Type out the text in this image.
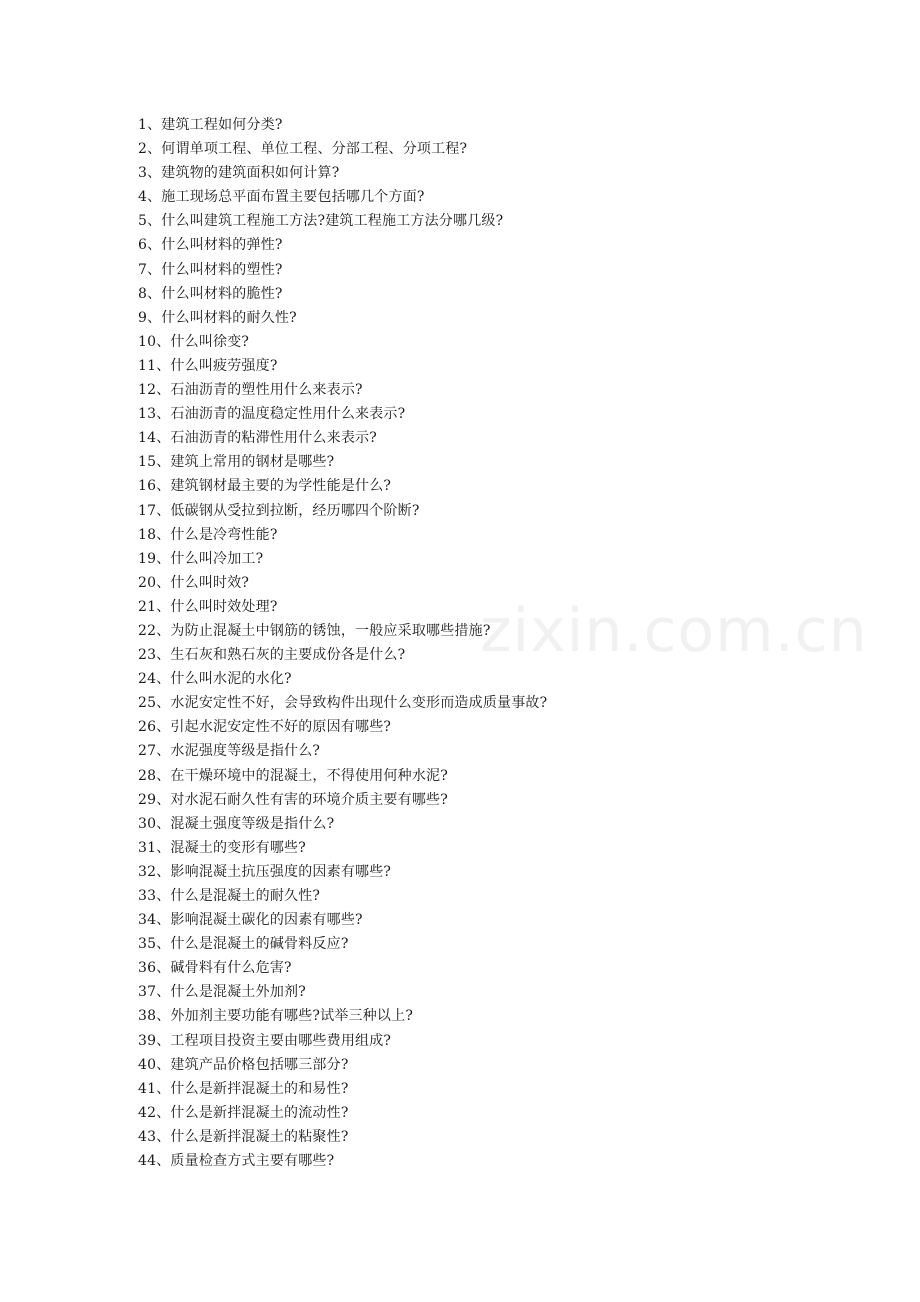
zixin.com.cn
1、建筑工程如何分类?
2、何谓单项工程、单位工程、分部工程、分项工程?
3、建筑物的建筑面积如何计算?
4、施工现场总平面布置主要包括哪几个方面?
5、什么叫建筑工程施工方法?建筑工程施工方法分哪几级?
6、什么叫材料的弹性?
7、什么叫材料的塑性?
8、什么叫材料的脆性?
9、什么叫材料的耐久性?
10、什么叫徐变?
11、什么叫疲劳强度?
12、石油沥青的塑性用什么来表示?
13、石油沥青的温度稳定性用什么来表示?
14、石油沥青的粘滞性用什么来表示?
15、建筑上常用的钢材是哪些?
16、建筑钢材最主要的为学性能是什么?
17、低碳钢从受拉到拉断，经历哪四个阶断?
18、什么是冷弯性能?
19、什么叫冷加工?
20、什么叫时效?
21、什么叫时效处理?
22、为防止混凝土中钢筋的锈蚀，一般应采取哪些措施?
23、生石灰和熟石灰的主要成份各是什么?
24、什么叫水泥的水化?
25、水泥安定性不好，会导致构件出现什么变形而造成质量事故?
26、引起水泥安定性不好的原因有哪些?
27、水泥强度等级是指什么?
28、在干燥环境中的混凝土，不得使用何种水泥?
29、对水泥石耐久性有害的环境介质主要有哪些?
30、混凝土强度等级是指什么?
31、混凝土的变形有哪些?
32、影响混凝土抗压强度的因素有哪些?
33、什么是混凝土的耐久性?
34、影响混凝土碳化的因素有哪些?
35、什么是混凝土的碱骨料反应?
36、碱骨料有什么危害?
37、什么是混凝土外加剂?
38、外加剂主要功能有哪些?试举三种以上?
39、工程项目投资主要由哪些费用组成?
40、建筑产品价格包括哪三部分?
41、什么是新拌混凝土的和易性?
42、什么是新拌混凝土的流动性?
43、什么是新拌混凝土的粘聚性?
44、质量检查方式主要有哪些?
